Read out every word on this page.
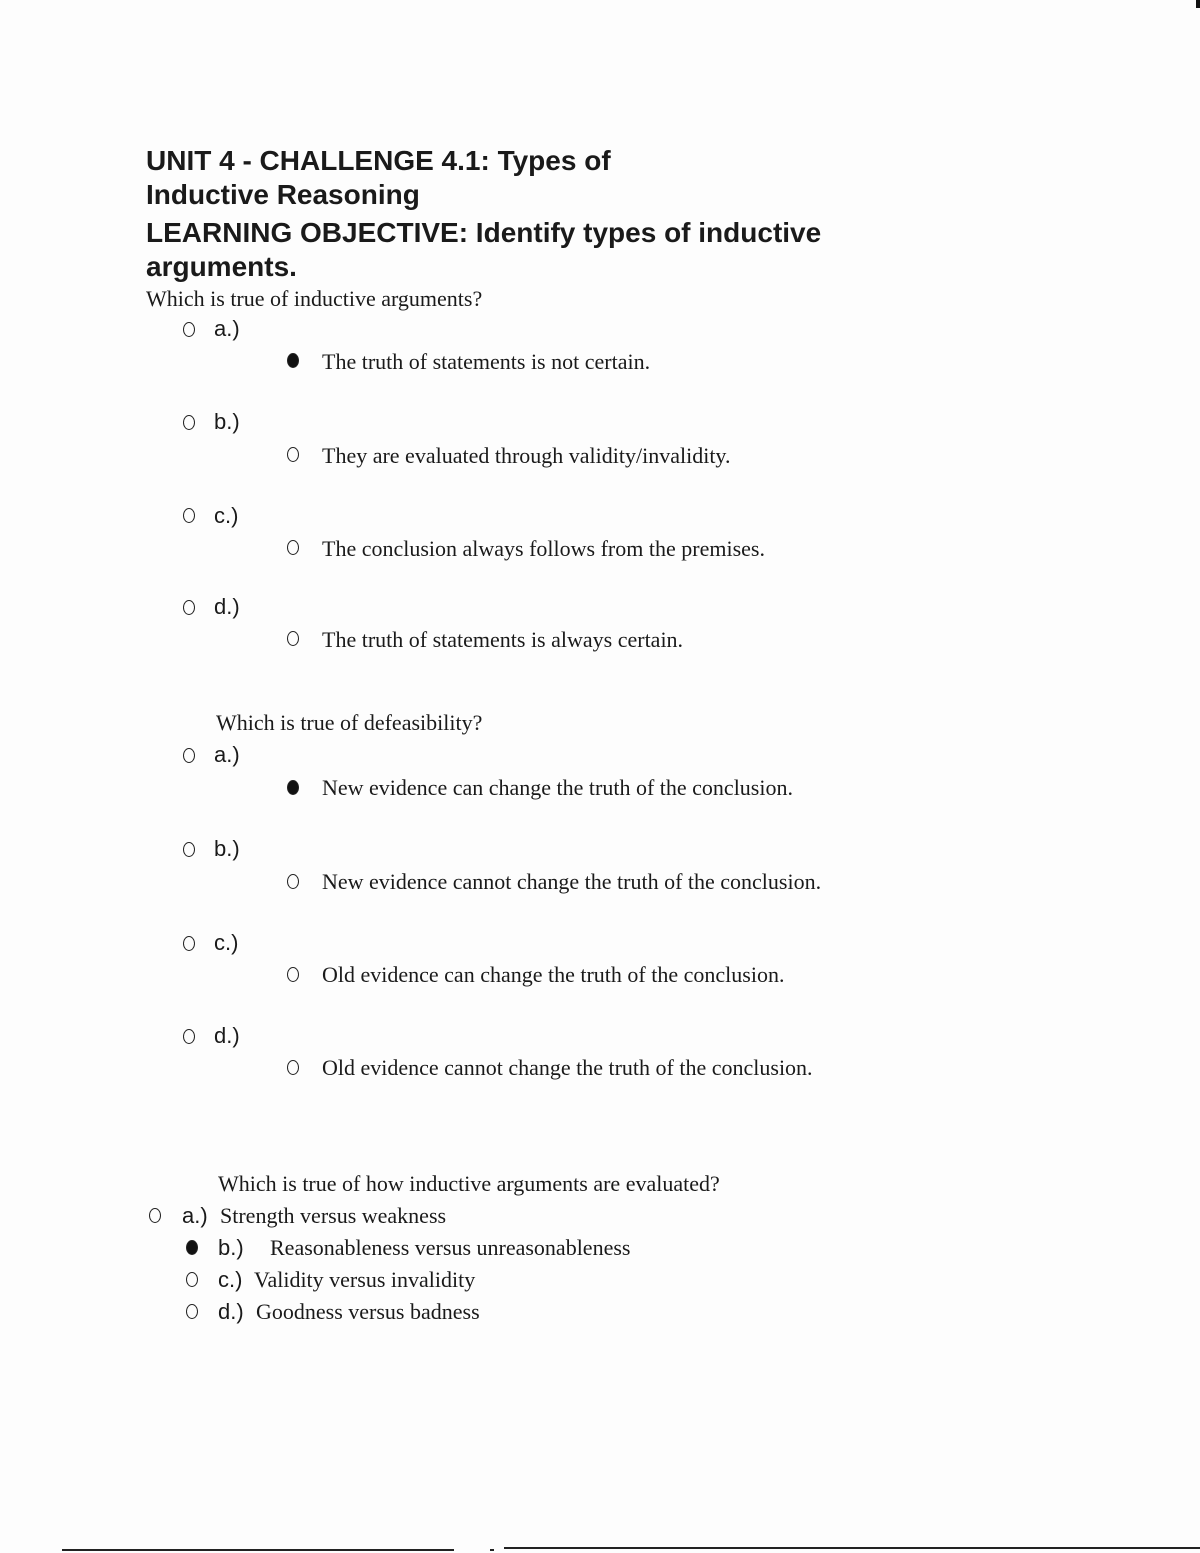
UNIT 4 - CHALLENGE 4.1: Types of
Inductive Reasoning
LEARNING OBJECTIVE: Identify types of inductive
arguments.
Which is true of inductive arguments?
a.)
The truth of statements is not certain.
b.)
They are evaluated through validity/invalidity.
c.)
The conclusion always follows from the premises.
d.)
The truth of statements is always certain.
Which is true of defeasibility?
a.)
New evidence can change the truth of the conclusion.
b.)
New evidence cannot change the truth of the conclusion.
c.)
Old evidence can change the truth of the conclusion.
d.)
Old evidence cannot change the truth of the conclusion.
Which is true of how inductive arguments are evaluated?
a.) Strength versus weakness
b.) Reasonableness versus unreasonableness
c.) Validity versus invalidity
d.) Goodness versus badness
